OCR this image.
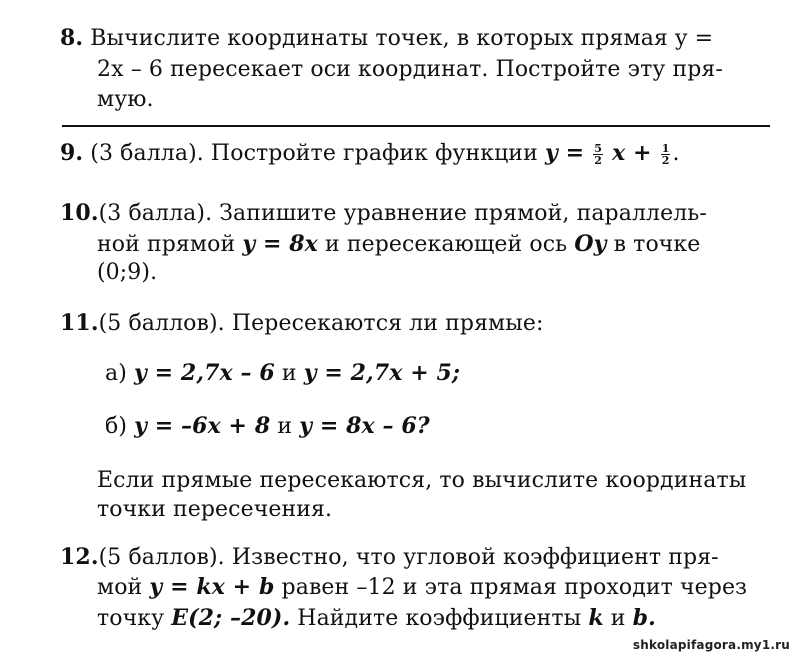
8. Вычислите координаты точек, в которых прямая y =
2x – 6 пересекает оси координат. Постройте эту пря-
мую.
9. (3 балла). Постройте график функции $y = \frac{5}{2}$ $x + \frac{1}{2}$ .
10.(3 балла). Запишите уравнение прямой, параллель-
ной прямой y = 8x и пересекающей ось Oy в точке
(0;9).
11.(5 баллов). Пересекаются ли прямые:
а) y = 2,7x – 6 и y = 2,7x + 5;
б) y = –6x + 8 и y = 8x – 6?
Если прямые пересекаются, то вычислите координаты
точки пересечения.
12.(5 баллов). Известно, что угловой коэффициент пря-
мой y = kx + b равен –12 и эта прямая проходит через
точку E(2; –20). Найдите коэффициенты k и b.
shkolapifagora.my1.ru
